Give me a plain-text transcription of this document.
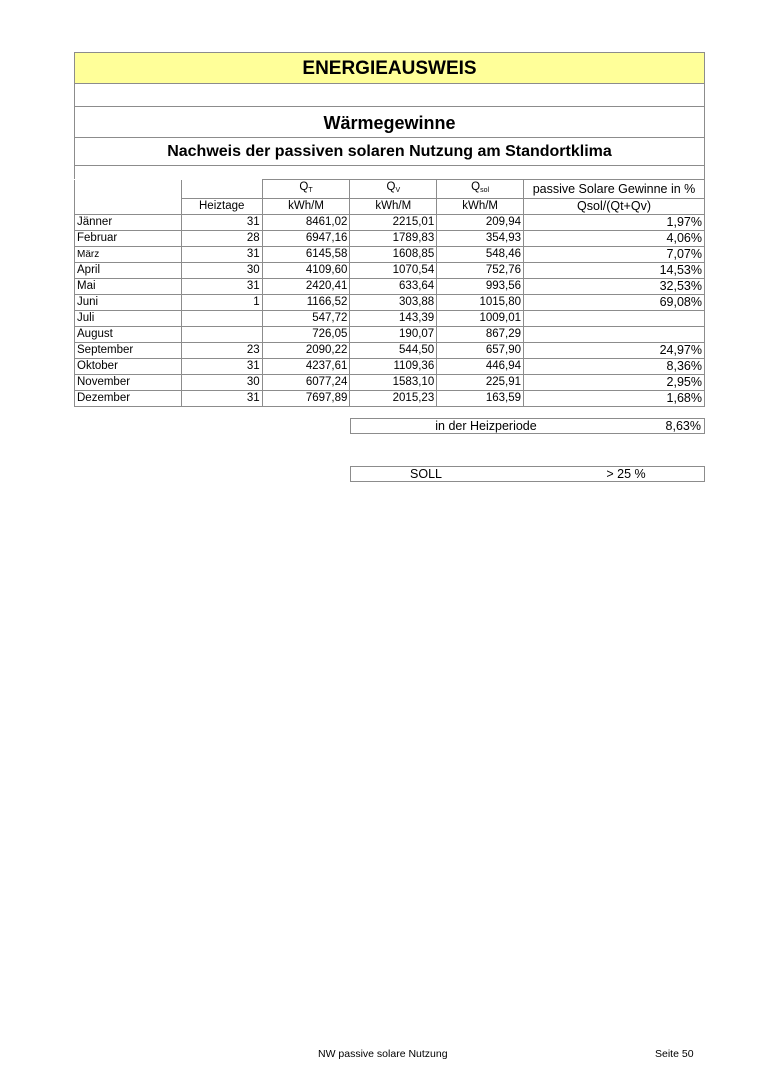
ENERGIEAUSWEIS
Wärmegewinne
Nachweis der passiven solaren Nutzung am Standortklima
		$Q_T$	$Q_V$	$Q_{sol}$	passive Solare Gewinne in %
	Heiztage	kWh/M	kWh/M	kWh/M	Qsol/(Qt+Qv)
Jänner	31	8461,02	2215,01	209,94	1,97%
Februar	28	6947,16	1789,83	354,93	4,06%
März	31	6145,58	1608,85	548,46	7,07%
April	30	4109,60	1070,54	752,76	14,53%
Mai	31	2420,41	633,64	993,56	32,53%
Juni	1	1166,52	303,88	1015,80	69,08%
Juli		547,72	143,39	1009,01	
August		726,05	190,07	867,29	
September	23	2090,22	544,50	657,90	24,97%
Oktober	31	4237,61	1109,36	446,94	8,36%
November	30	6077,24	1583,10	225,91	2,95%
Dezember	31	7697,89	2015,23	163,59	1,68%
in der Heizperiode	8,63%
SOLL	> 25 %
NW passive solare Nutzung	Seite 50
